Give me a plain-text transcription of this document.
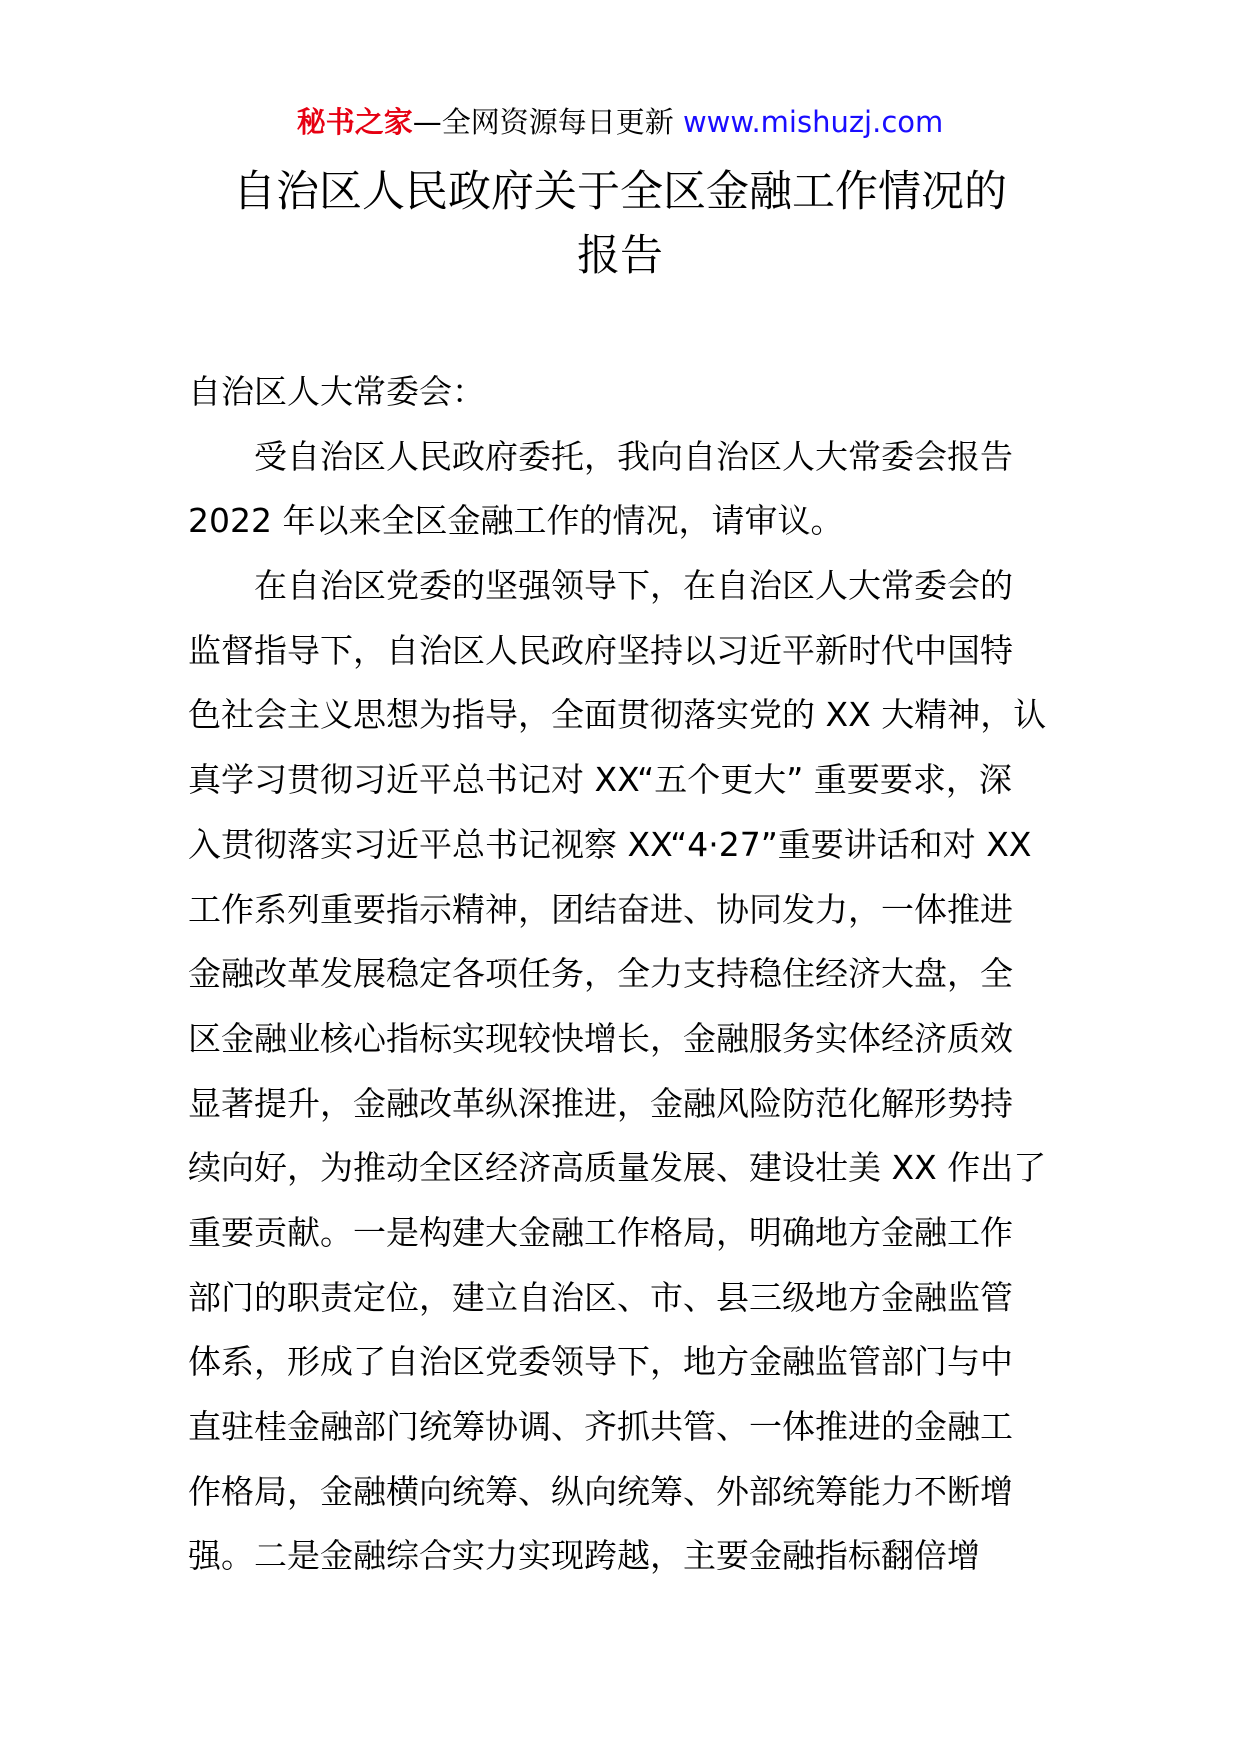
秘书之家—全网资源每日更新 www.mishuzj.com
自治区人民政府关于全区金融工作情况的
报告
自治区人大常委会：
受自治区人民政府委托，我向自治区人大常委会报告
2022 年以来全区金融工作的情况，请审议。
在自治区党委的坚强领导下，在自治区人大常委会的
监督指导下，自治区人民政府坚持以习近平新时代中国特
色社会主义思想为指导，全面贯彻落实党的 XX 大精神，认
真学习贯彻习近平总书记对 XX“五个更大” 重要要求，深
入贯彻落实习近平总书记视察 XX“4·27”重要讲话和对 XX
工作系列重要指示精神，团结奋进、协同发力，一体推进
金融改革发展稳定各项任务，全力支持稳住经济大盘，全
区金融业核心指标实现较快增长，金融服务实体经济质效
显著提升，金融改革纵深推进，金融风险防范化解形势持
续向好，为推动全区经济高质量发展、建设壮美 XX 作出了
重要贡献。一是构建大金融工作格局，明确地方金融工作
部门的职责定位，建立自治区、市、县三级地方金融监管
体系，形成了自治区党委领导下，地方金融监管部门与中
直驻桂金融部门统筹协调、齐抓共管、一体推进的金融工
作格局，金融横向统筹、纵向统筹、外部统筹能力不断增
强。二是金融综合实力实现跨越，主要金融指标翻倍增
